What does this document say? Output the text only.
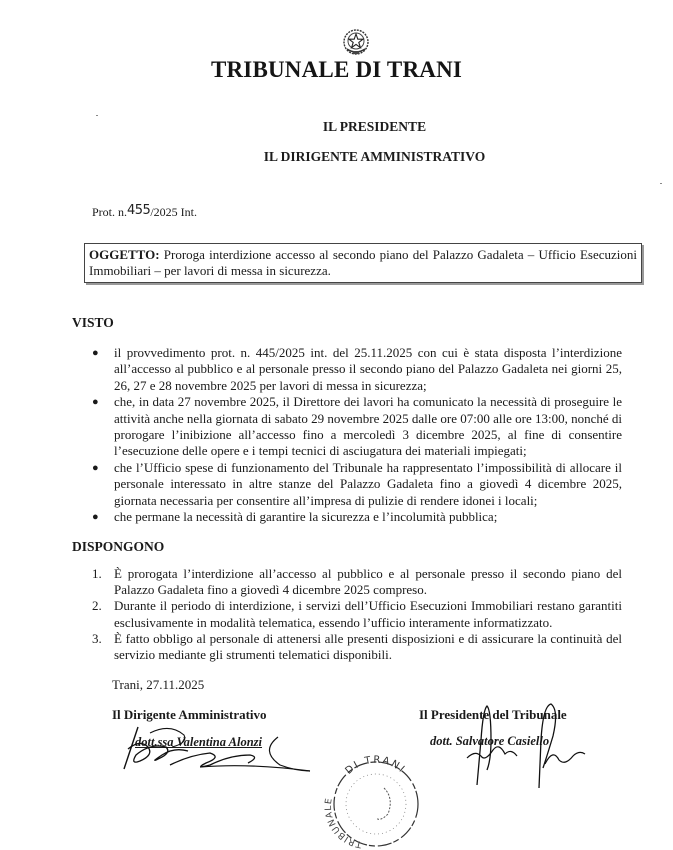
TRIBUNALE DI TRANI
IL PRESIDENTE
IL DIRIGENTE AMMINISTRATIVO
Prot. n.455/2025 Int.
OGGETTO: Proroga interdizione accesso al secondo piano del Palazzo Gadaleta – Ufficio Esecuzioni Immobiliari – per lavori di messa in sicurezza.
VISTO
● il provvedimento prot. n. 445/2025 int. del 25.11.2025 con cui è stata disposta l’interdizione all’accesso al pubblico e al personale presso il secondo piano del Palazzo Gadaleta nei giorni 25, 26, 27 e 28 novembre 2025 per lavori di messa in sicurezza;
● che, in data 27 novembre 2025, il Direttore dei lavori ha comunicato la necessità di proseguire le attività anche nella giornata di sabato 29 novembre 2025 dalle ore 07:00 alle ore 13:00, nonché di prorogare l’inibizione all’accesso fino a mercoledì 3 dicembre 2025, al fine di consentire l’esecuzione delle opere e i tempi tecnici di asciugatura dei materiali impiegati;
● che l’Ufficio spese di funzionamento del Tribunale ha rappresentato l’impossibilità di allocare il personale interessato in altre stanze del Palazzo Gadaleta fino a giovedì 4 dicembre 2025, giornata necessaria per consentire all’impresa di pulizie di rendere idonei i locali;
● che permane la necessità di garantire la sicurezza e l’incolumità pubblica;
DISPONGONO
1. È prorogata l’interdizione all’accesso al pubblico e al personale presso il secondo piano del Palazzo Gadaleta fino a giovedì 4 dicembre 2025 compreso.
2. Durante il periodo di interdizione, i servizi dell’Ufficio Esecuzioni Immobiliari restano garantiti esclusivamente in modalità telematica, essendo l’ufficio interamente informatizzato.
3. È fatto obbligo al personale di attenersi alle presenti disposizioni e di assicurare la continuità del servizio mediante gli strumenti telematici disponibili.
Trani, 27.11.2025
Il Dirigente Amministrativo
dott.ssa Valentina Alonzi
Il Presidente del Tribunale
dott. Salvatore Casiello
DI TRANI
TRIBUNALE
